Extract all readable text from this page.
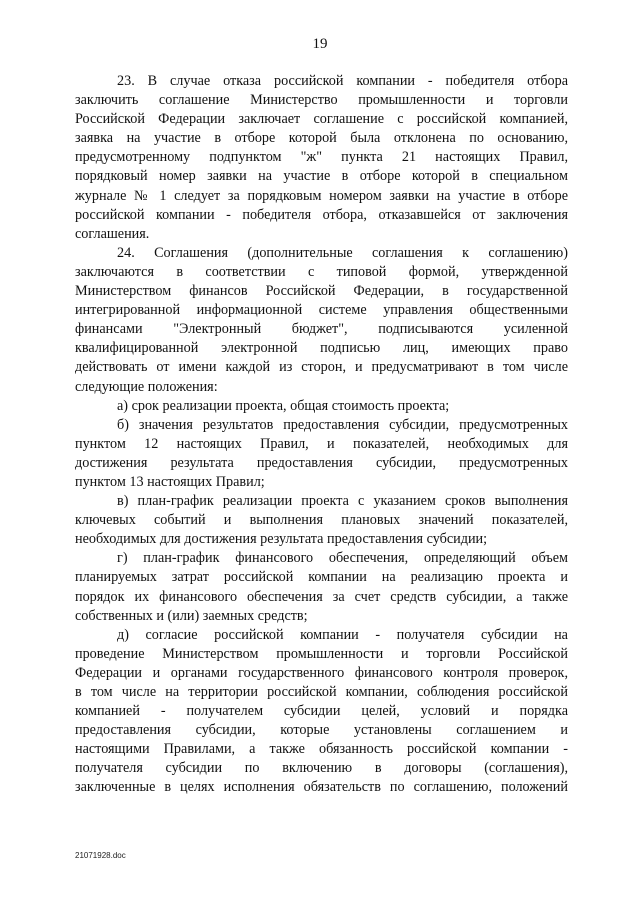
19
23. В случае отказа российской компании - победителя отбора
заключить соглашение Министерство промышленности и торговли
Российской Федерации заключает соглашение с российской компанией,
заявка на участие в отборе которой была отклонена по основанию,
предусмотренному подпунктом "ж" пункта 21 настоящих Правил,
порядковый номер заявки на участие в отборе которой в специальном
журнале № 1 следует за порядковым номером заявки на участие в отборе
российской компании - победителя отбора, отказавшейся от заключения
соглашения.
24. Соглашения (дополнительные соглашения к соглашению)
заключаются в соответствии с типовой формой, утвержденной
Министерством финансов Российской Федерации, в государственной
интегрированной информационной системе управления общественными
финансами "Электронный бюджет", подписываются усиленной
квалифицированной электронной подписью лиц, имеющих право
действовать от имени каждой из сторон, и предусматривают в том числе
следующие положения:
а) срок реализации проекта, общая стоимость проекта;
б) значения результатов предоставления субсидии, предусмотренных
пунктом 12 настоящих Правил, и показателей, необходимых для
достижения результата предоставления субсидии, предусмотренных
пунктом 13 настоящих Правил;
в) план-график реализации проекта с указанием сроков выполнения
ключевых событий и выполнения плановых значений показателей,
необходимых для достижения результата предоставления субсидии;
г) план-график финансового обеспечения, определяющий объем
планируемых затрат российской компании на реализацию проекта и
порядок их финансового обеспечения за счет средств субсидии, а также
собственных и (или) заемных средств;
д) согласие российской компании - получателя субсидии на
проведение Министерством промышленности и торговли Российской
Федерации и органами государственного финансового контроля проверок,
в том числе на территории российской компании, соблюдения российской
компанией - получателем субсидии целей, условий и порядка
предоставления субсидии, которые установлены соглашением и
настоящими Правилами, а также обязанность российской компании -
получателя субсидии по включению в договоры (соглашения),
заключенные в целях исполнения обязательств по соглашению, положений
21071928.doc
